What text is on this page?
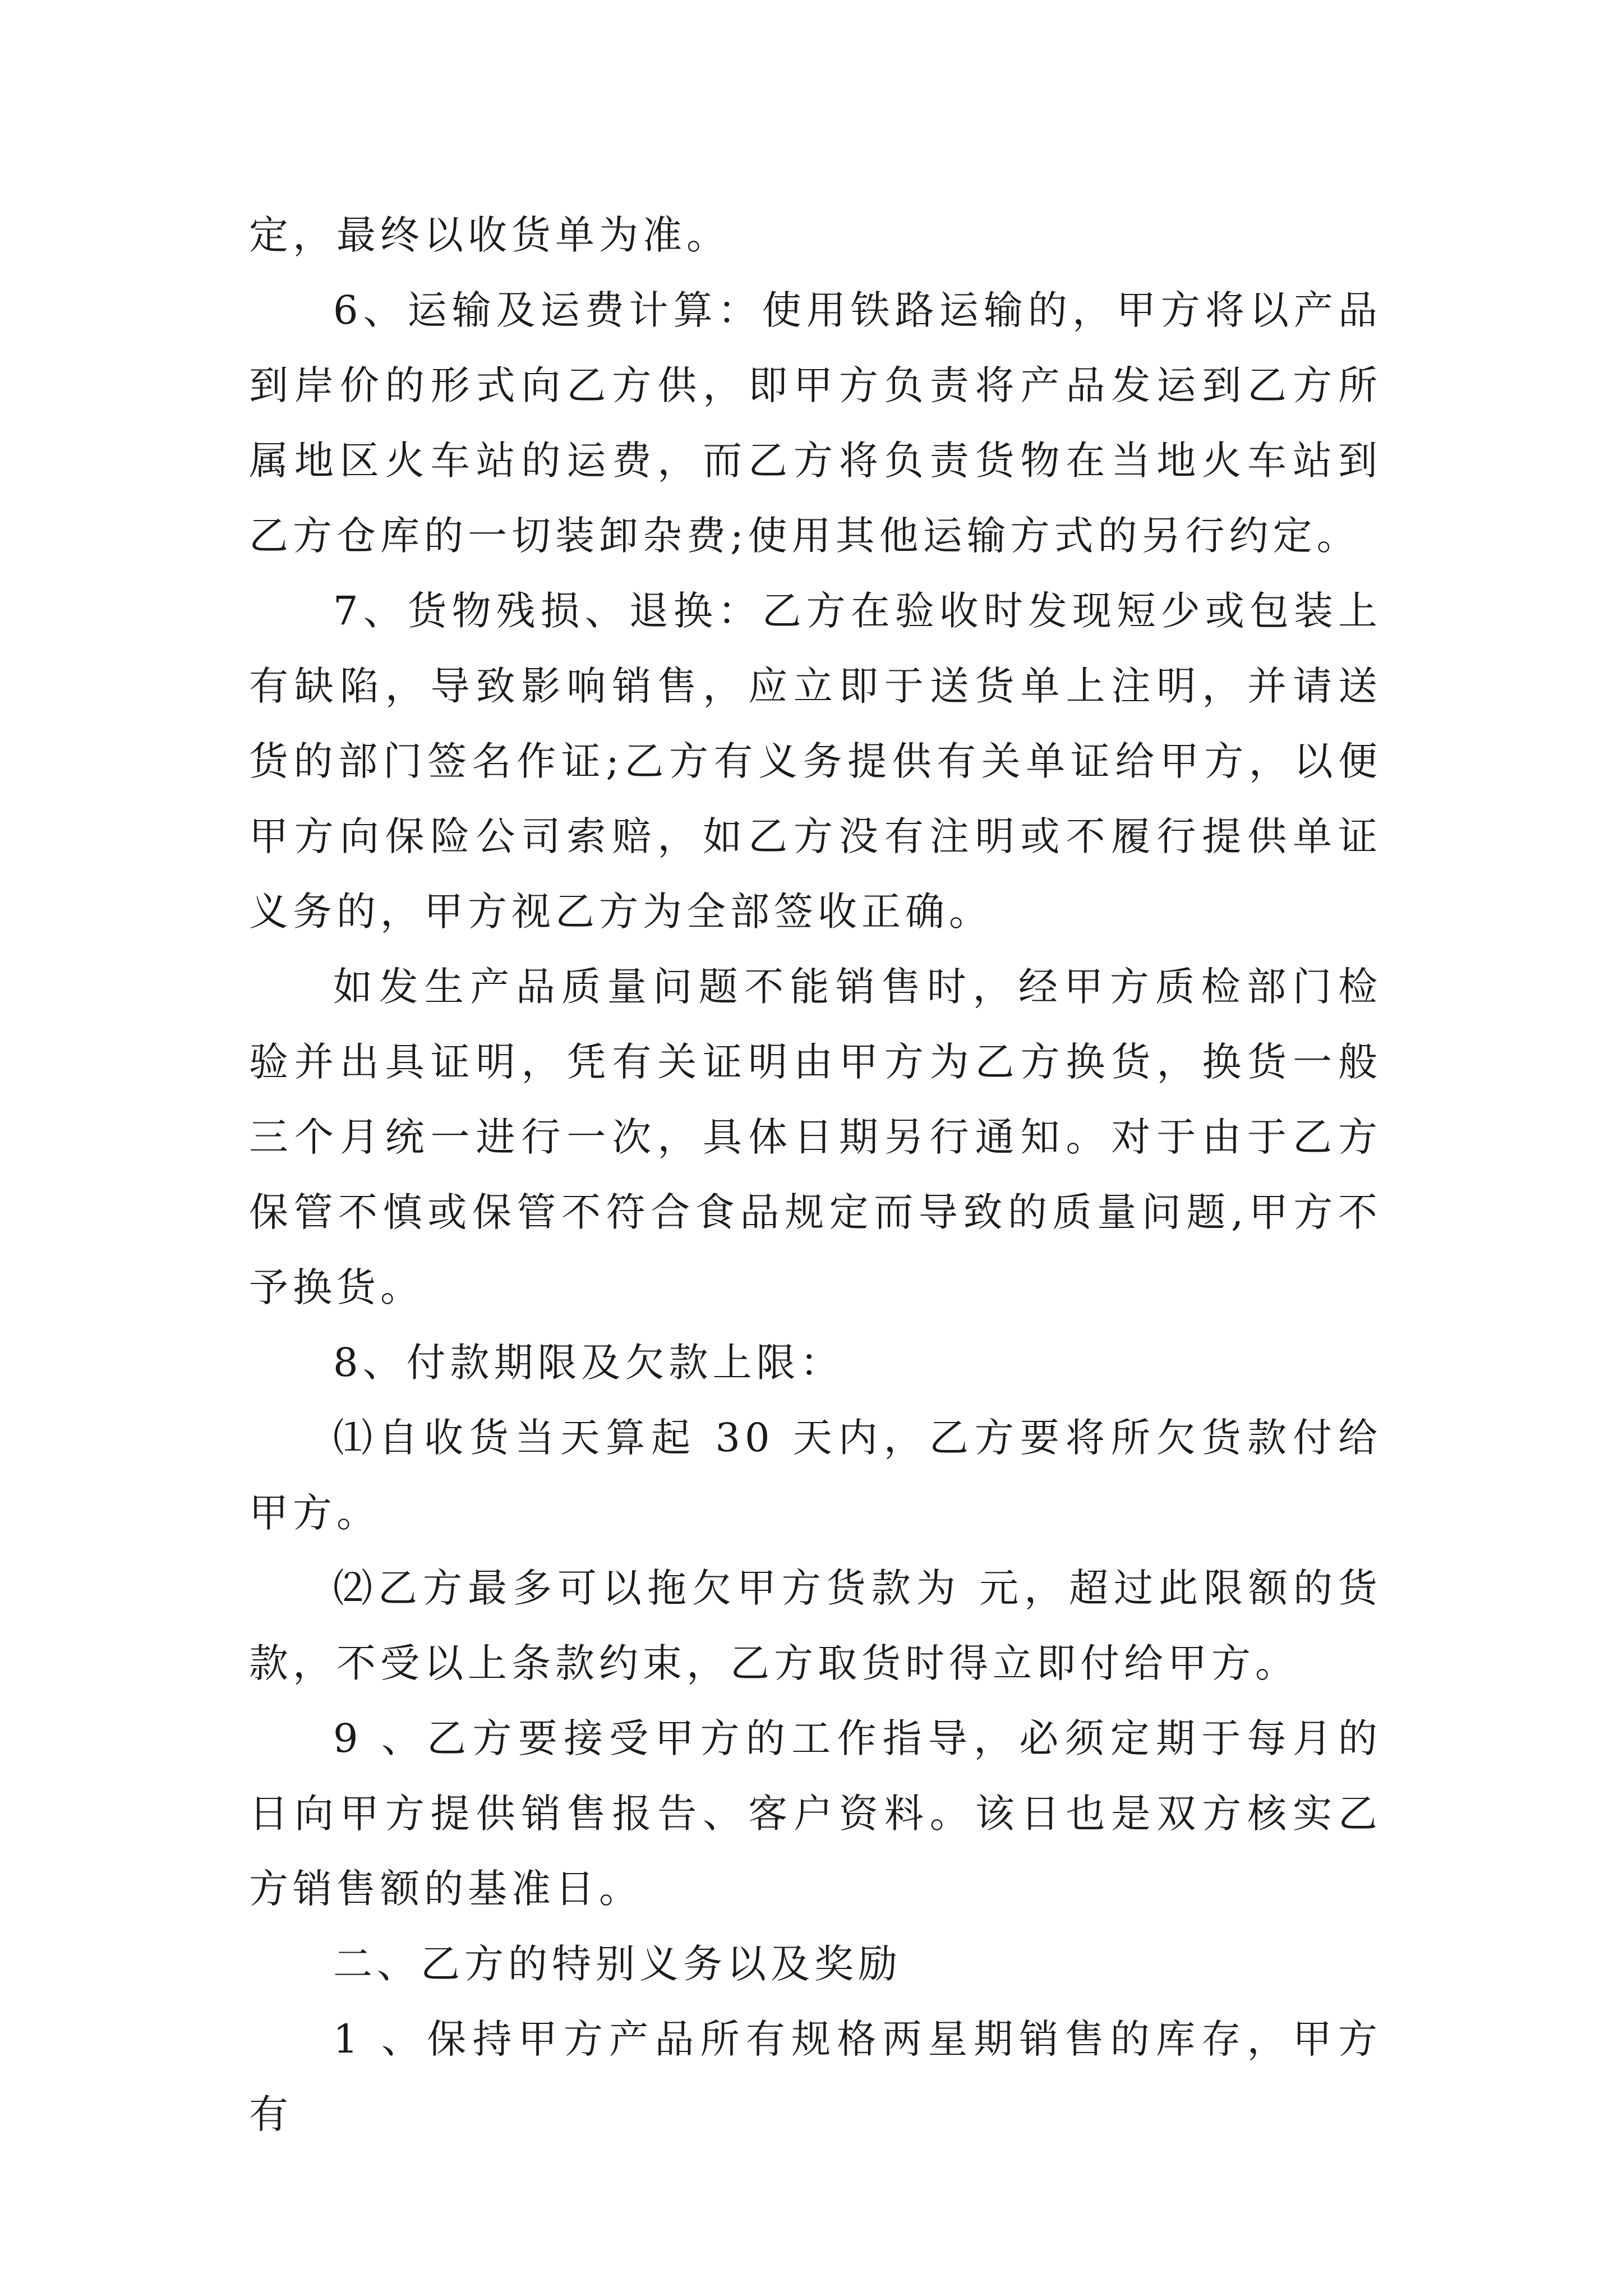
定，最终以收货单为准。

6、运输及运费计算：使用铁路运输的，甲方将以产品到岸价的形式向乙方供，即甲方负责将产品发运到乙方所属地区火车站的运费，而乙方将负责货物在当地火车站到乙方仓库的一切装卸杂费;使用其他运输方式的另行约定。

7、货物残损、退换：乙方在验收时发现短少或包装上有缺陷，导致影响销售，应立即于送货单上注明，并请送货的部门签名作证;乙方有义务提供有关单证给甲方，以便甲方向保险公司索赔，如乙方没有注明或不履行提供单证义务的，甲方视乙方为全部签收正确。

如发生产品质量问题不能销售时，经甲方质检部门检验并出具证明，凭有关证明由甲方为乙方换货，换货一般三个月统一进行一次，具体日期另行通知。对于由于乙方保管不慎或保管不符合食品规定而导致的质量问题,甲方不予换货。

8、付款期限及欠款上限：

⑴自收货当天算起 30 天内，乙方要将所欠货款付给甲方。

⑵乙方最多可以拖欠甲方货款为 元，超过此限额的货款，不受以上条款约束，乙方取货时得立即付给甲方。

9 、乙方要接受甲方的工作指导，必须定期于每月的日向甲方提供销售报告、客户资料。该日也是双方核实乙方销售额的基准日。

二、乙方的特别义务以及奖励

1 、保持甲方产品所有规格两星期销售的库存，甲方有
